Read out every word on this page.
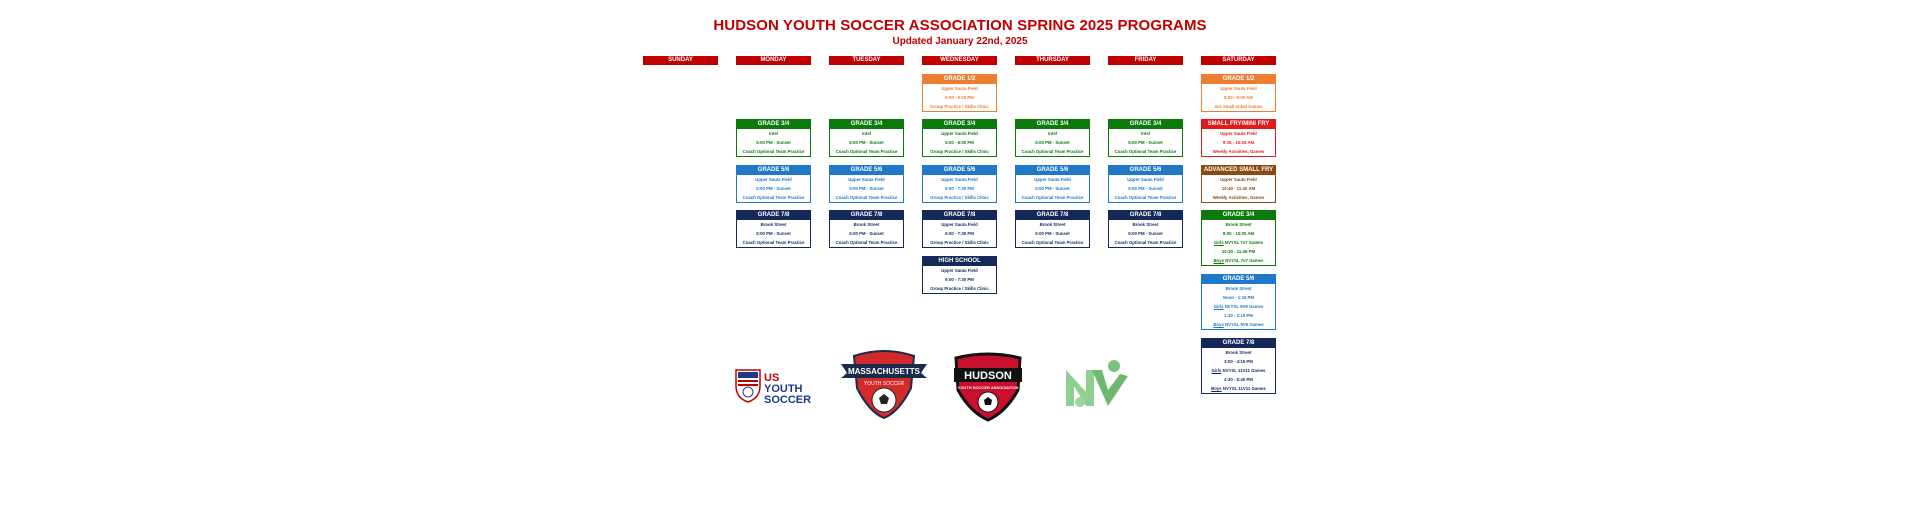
HUDSON YOUTH SOCCER ASSOCIATION SPRING 2025 PROGRAMS
Updated January 22nd, 2025
SUNDAY	MONDAY	TUESDAY	WEDNESDAY	THURSDAY	FRIDAY	SATURDAY
GRADE 1/2
Upper Sauta Field
5:00 - 6:00 PM
Group Practice / Skills Clinic
GRADE 1/2
Upper Sauta Field
8:00 - 9:00 AM
4v4 Small-sided Games
GRADE 3/4
Intel
5:00 PM - Sunset
Coach Optional Team Practice
GRADE 3/4
Intel
5:00 PM - Sunset
Coach Optional Team Practice
GRADE 3/4
Upper Sauta Field
5:00 - 6:00 PM
Group Practice / Skills Clinic
GRADE 3/4
Intel
5:00 PM - Sunset
Coach Optional Team Practice
GRADE 3/4
Intel
5:00 PM - Sunset
Coach Optional Team Practice
SMALL FRY/MINI FRY
Upper Sauta Field
9:15 - 10:25 AM
Weekly Activities, Games
GRADE 5/6
Upper Sauta Field
5:00 PM - Sunset
Coach Optional Team Practice
GRADE 5/6
Upper Sauta Field
5:00 PM - Sunset
Coach Optional Team Practice
GRADE 5/6
Upper Sauta Field
6:00 - 7:30 PM
Group Practice / Skills Clinic
GRADE 5/6
Upper Sauta Field
5:00 PM - Sunset
Coach Optional Team Practice
GRADE 5/6
Upper Sauta Field
5:00 PM - Sunset
Coach Optional Team Practice
ADVANCED SMALL FRY
Upper Sauta Field
10:40 - 11:40 AM
Weekly Activities, Games
GRADE 7/8
Brook Street
5:00 PM - Sunset
Coach Optional Team Practice
GRADE 7/8
Brook Street
5:00 PM - Sunset
Coach Optional Team Practice
GRADE 7/8
Upper Sauta Field
6:00 - 7:30 PM
Group Practice / Skills Clinic
GRADE 7/8
Brook Street
5:00 PM - Sunset
Coach Optional Team Practice
GRADE 7/8
Brook Street
5:00 PM - Sunset
Coach Optional Team Practice
GRADE 3/4
Brook Street
9:00 - 10:00 AM
Girls NVYSL 7v7 Games
10:30 - 11:45 PM
Boys NVYSL 7v7 Games
HIGH SCHOOL
Upper Sauta Field
6:00 - 7:30 PM
Group Practice / Skills Clinic
GRADE 5/6
Brook Street
Noon - 1:15 PM
Girls NVYSL 9V9 Games
1:30 - 2:15 PM
Boys NVYSL 9V9 Games
GRADE 7/8
Brook Street
3:00 - 4:15 PM
Girls NVYSL 11V11 Games
4:30 - 5:45 PM
Boys NVYSL 11V11 Games
US
YOUTH
SOCCER
MASSACHUSETTS
YOUTH SOCCER
HUDSON
YOUTH SOCCER ASSOCIATION
